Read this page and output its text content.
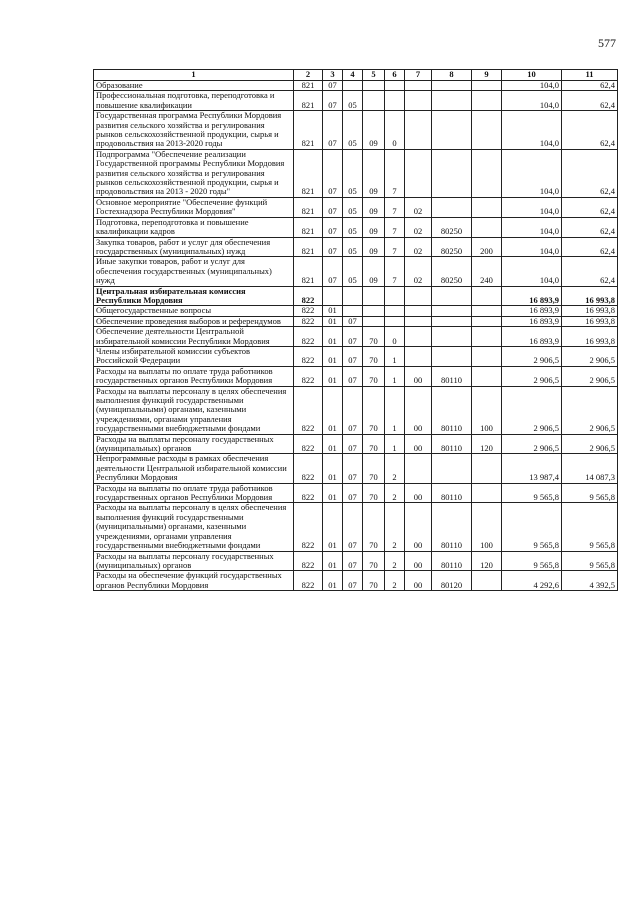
577
1	2	3	4	5	6	7	8	9	10	11
Образование	821	07							104,0	62,4
Профессиональная подготовка, переподготовка и повышение квалификации	821	07	05						104,0	62,4
Государственная программа Республики Мордовия развития сельского хозяйства и регулирования рынков сельскохозяйственной продукции, сырья и продовольствия на 2013-2020 годы	821	07	05	09	0				104,0	62,4
Подпрограмма "Обеспечение реализации Государственной программы Республики Мордовия развития сельского хозяйства и регулирования рынков сельскохозяйственной продукции, сырья и продовольствия на 2013 - 2020 годы"	821	07	05	09	7				104,0	62,4
Основное мероприятие "Обеспечение функций Гостехнадзора Республики Мордовия"	821	07	05	09	7	02			104,0	62,4
Подготовка, переподготовка и повышение квалификации кадров	821	07	05	09	7	02	80250		104,0	62,4
Закупка товаров, работ и услуг для обеспечения государственных (муниципальных) нужд	821	07	05	09	7	02	80250	200	104,0	62,4
Иные закупки товаров, работ и услуг для обеспечения государственных (муниципальных) нужд	821	07	05	09	7	02	80250	240	104,0	62,4
Центральная избирательная комиссия Республики Мордовия	822								16 893,9	16 993,8
Общегосударственные вопросы	822	01							16 893,9	16 993,8
Обеспечение проведения выборов и референдумов	822	01	07						16 893,9	16 993,8
Обеспечение деятельности Центральной избирательной комиссии Республики Мордовия	822	01	07	70	0				16 893,9	16 993,8
Члены избирательной комиссии субъектов Российской Федерации	822	01	07	70	1				2 906,5	2 906,5
Расходы на выплаты по оплате труда работников государственных органов Республики Мордовия	822	01	07	70	1	00	80110		2 906,5	2 906,5
Расходы на выплаты персоналу в целях обеспечения выполнения функций государственными (муниципальными) органами, казенными учреждениями, органами управления государственными внебюджетными фондами	822	01	07	70	1	00	80110	100	2 906,5	2 906,5
Расходы на выплаты персоналу государственных (муниципальных) органов	822	01	07	70	1	00	80110	120	2 906,5	2 906,5
Непрограммные расходы в рамках обеспечения деятельности Центральной избирательной комиссии Республики Мордовия	822	01	07	70	2				13 987,4	14 087,3
Расходы на выплаты по оплате труда работников государственных органов Республики Мордовия	822	01	07	70	2	00	80110		9 565,8	9 565,8
Расходы на выплаты персоналу в целях обеспечения выполнения функций государственными (муниципальными) органами, казенными учреждениями, органами управления государственными внебюджетными фондами	822	01	07	70	2	00	80110	100	9 565,8	9 565,8
Расходы на выплаты персоналу государственных (муниципальных) органов	822	01	07	70	2	00	80110	120	9 565,8	9 565,8
Расходы на обеспечение функций государственных органов Республики Мордовия	822	01	07	70	2	00	80120		4 292,6	4 392,5
